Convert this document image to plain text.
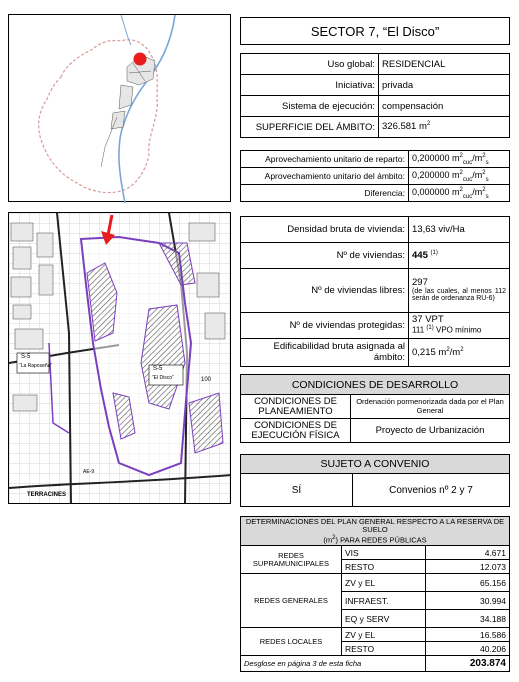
S-5
“La Raposeña”	S-5
“El Disco”	100
AE-9
TERRACINES
SECTOR 7, “El Disco”
Uso global:	RESIDENCIAL
Iniciativa:	privada
Sistema de ejecución:	compensación
SUPERFICIE DEL ÁMBITO:	326.581 $m^2$
Aprovechamiento unitario de reparto:	0,200000 $m^2_{cuc}/m^2_s$
Aprovechamiento unitario del ámbito:	0,200000 $m^2_{cuc}/m^2_s$
Diferencia:	0,000000 $m^2_{cuc}/m^2_s$
Densidad bruta de vivienda:	13,63 viv/Ha
Nº de viviendas:	445 $^{(1)}$
Nº de viviendas libres:	297
(de las cuales, al menos 112 serán de ordenanza RU-6)

Nº de viviendas protegidas:	37 VPT
111 $^{(1)}$ VPO mínimo

Edificabilidad bruta asignada al ámbito:	0,215 $m^2/m^2$
CONDICIONES DE DESARROLLO	
CONDICIONES DE PLANEAMIENTO	Ordenación pormenorizada dada por el Plan General
CONDICIONES DE EJECUCIÓN FÍSICA	Proyecto de Urbanización
SUJETO A CONVENIO
SÍ	Convenios nº 2 y 7
DETERMINACIONES DEL PLAN GENERAL RESPECTO A LA RESERVA DE SUELO
$(m^2)$ PARA REDES PÚBLICAS		

REDES SUPRAMUNICIPALES	VIS	4.671
	RESTO	12.073
REDES GENERALES	ZV y EL	65.156
	INFRAEST.	30.994
	EQ y SERV	34.188
REDES LOCALES	ZV y EL	16.586
	RESTO	40.206
Desglose en página 3 de esta ficha		203.874
